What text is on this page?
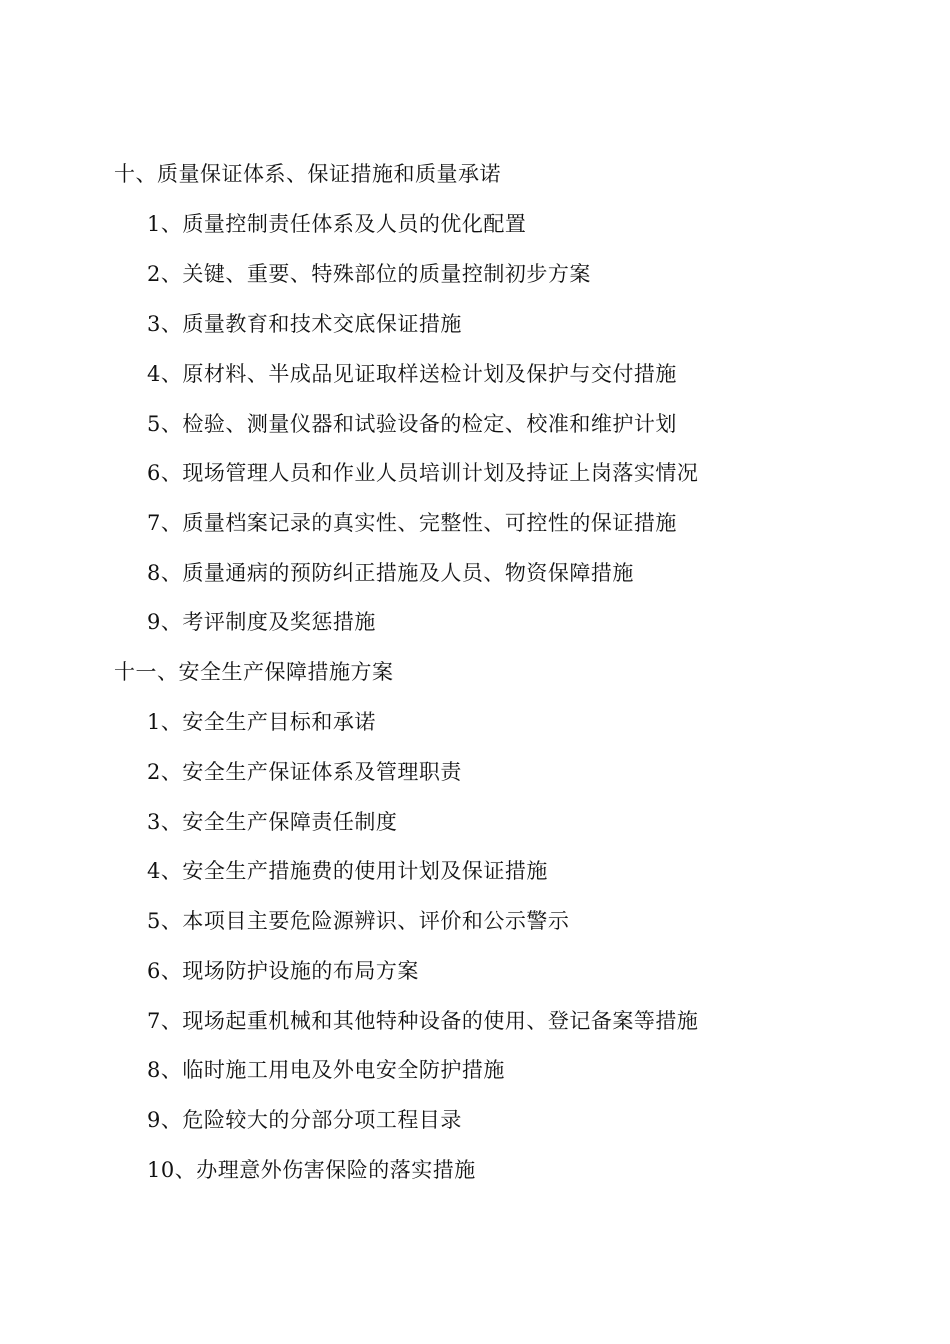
十、质量保证体系、保证措施和质量承诺
1、质量控制责任体系及人员的优化配置
2、关键、重要、特殊部位的质量控制初步方案
3、质量教育和技术交底保证措施
4、原材料、半成品见证取样送检计划及保护与交付措施
5、检验、测量仪器和试验设备的检定、校准和维护计划
6、现场管理人员和作业人员培训计划及持证上岗落实情况
7、质量档案记录的真实性、完整性、可控性的保证措施
8、质量通病的预防纠正措施及人员、物资保障措施
9、考评制度及奖惩措施
十一、安全生产保障措施方案
1、安全生产目标和承诺
2、安全生产保证体系及管理职责
3、安全生产保障责任制度
4、安全生产措施费的使用计划及保证措施
5、本项目主要危险源辨识、评价和公示警示
6、现场防护设施的布局方案
7、现场起重机械和其他特种设备的使用、登记备案等措施
8、临时施工用电及外电安全防护措施
9、危险较大的分部分项工程目录
10、办理意外伤害保险的落实措施
